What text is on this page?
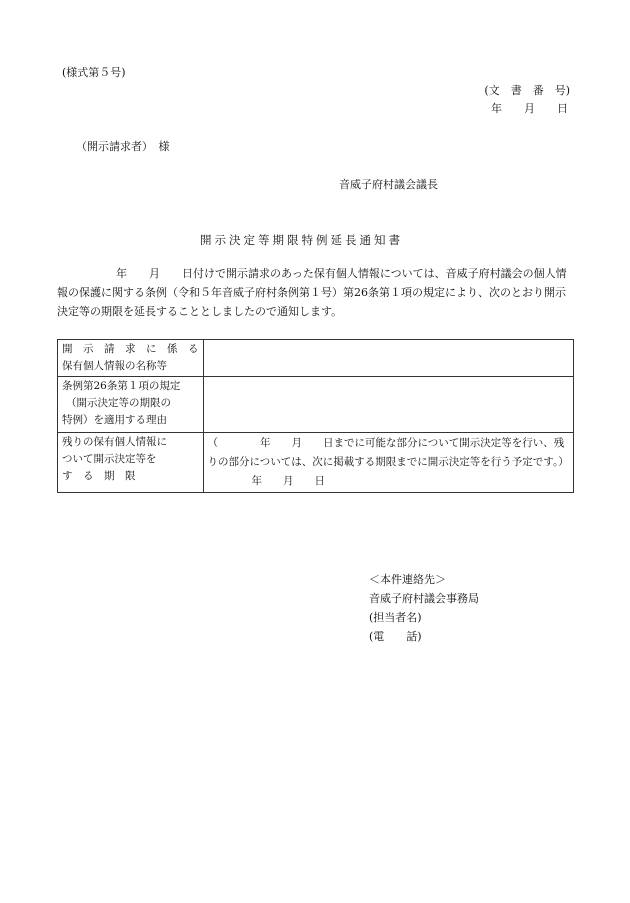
(様式第５号)
(文　書　番　号)
年　　月　　日
（開示請求者）　様
音威子府村議会議長
開示決定等期限特例延長通知書
年　　月　　日付けで開示請求のあった保有個人情報については、音威子府村議会の個人情
報の保護に関する条例（令和５年音威子府村条例第１号）第26条第１項の規定により、次のとおり開示
決定等の期限を延長することとしましたので通知します。
開　示　請　求　に　係　る
保有個人情報の名称等	

条例第26条第１項の規定
（開示決定等の期限の
特例）を適用する理由	

残りの保有個人情報に
ついて開示決定等を
す　る　期　限	（　　　　年　　月　　日までに可能な部分について開示決定等を行い、残
りの部分については、次に掲載する期限までに開示決定等を行う予定です。）
年　　月　　日
＜本件連絡先＞
音威子府村議会事務局
(担当者名)
(電　　話)
